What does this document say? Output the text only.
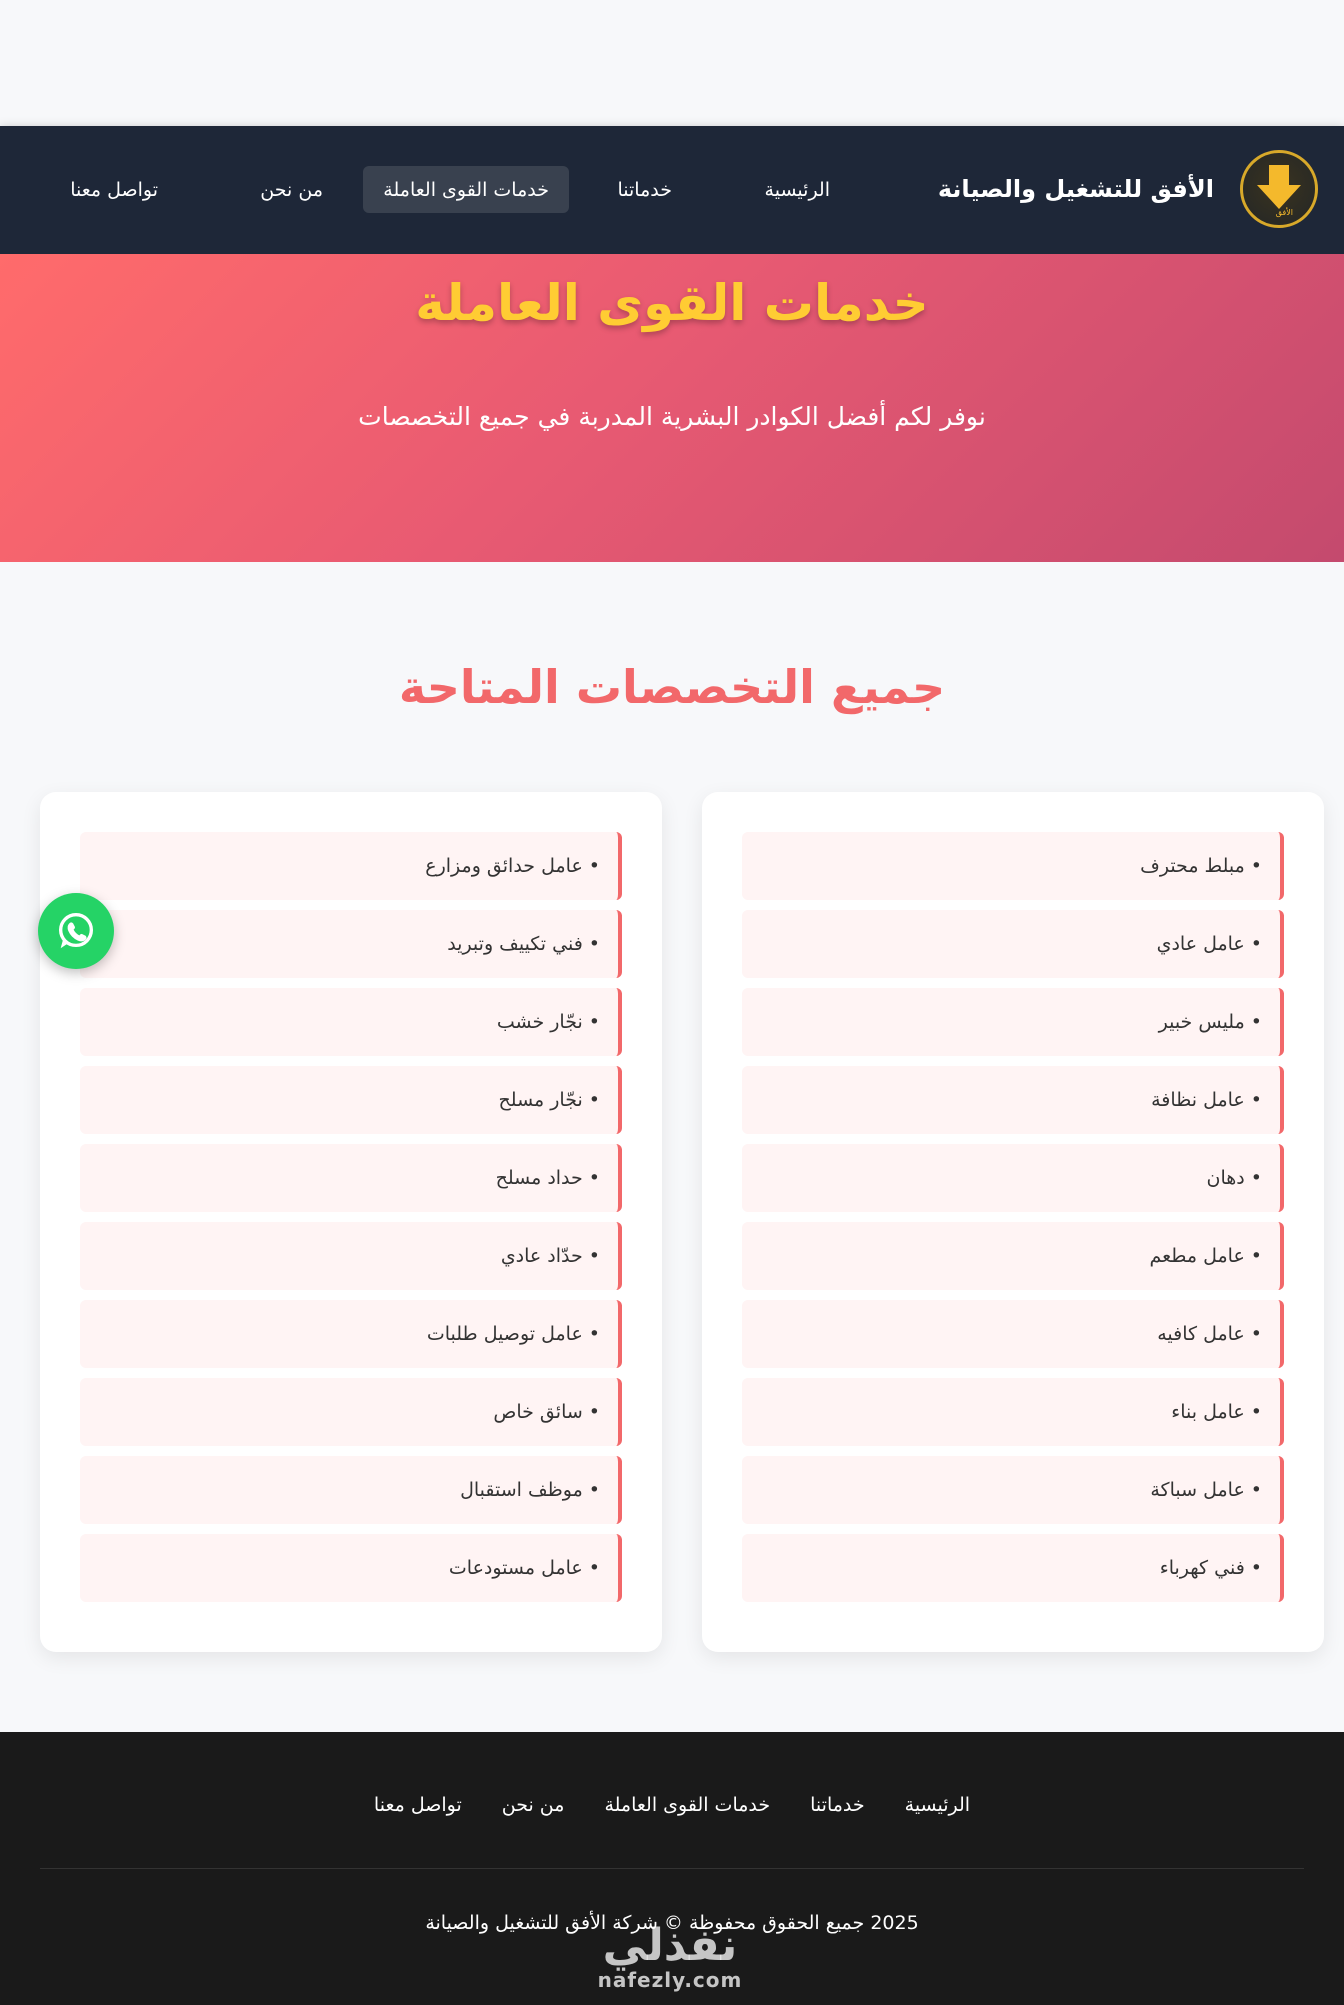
الأفق
الأفق للتشغيل والصيانة
الرئيسية
خدماتنا
خدمات القوى العاملة
من نحن
تواصل معنا
خدمات القوى العاملة

نوفر لكم أفضل الكوادر البشرية المدربة في جميع التخصصات

جميع التخصصات المتاحة
•
مبلط محترف
•
عامل عادي
•
مليس خبير
•
عامل نظافة
•
دهان
•
عامل مطعم
•
عامل كافيه
•
عامل بناء
•
عامل سباكة
•
فني كهرباء
•
عامل حدائق ومزارع
•
فني تكييف وتبريد
•
نجّار خشب
•
نجّار مسلح
•
حداد مسلح
•
حدّاد عادي
•
عامل توصيل طلبات
•
سائق خاص
•
موظف استقبال
•
عامل مستودعات
الرئيسية
خدماتنا
خدمات القوى العاملة
من نحن
تواصل معنا

2025 جميع الحقوق محفوظة © شركة الأفق للتشغيل والصيانة

نفذلي
nafezly.com
